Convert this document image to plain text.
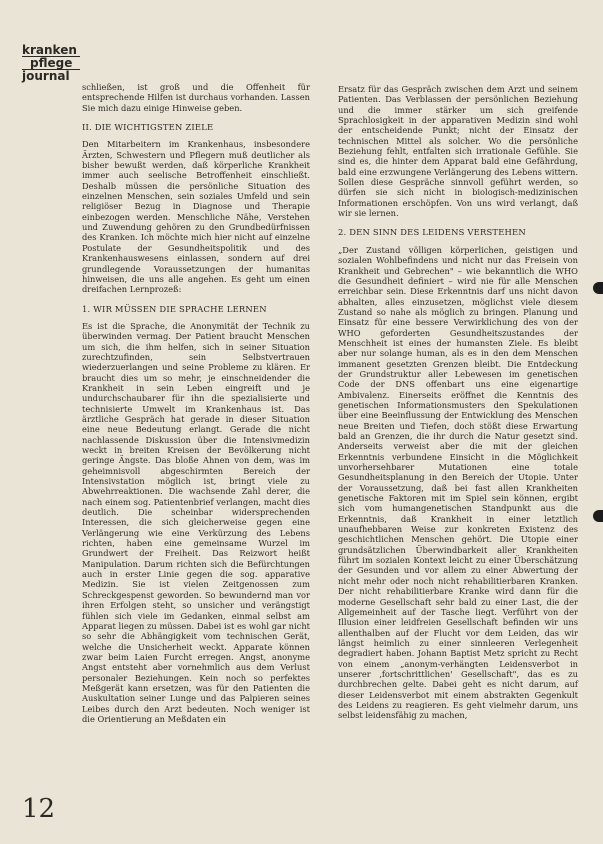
kranken
pflege
journal

schließen, ist groß und die Offenheit für entsprechende Hilfen ist durchaus vorhanden. Lassen Sie mich dazu einige Hinweise geben.

II. DIE WICHTIGSTEN ZIELE

Den Mitarbeitern im Krankenhaus, insbesondere Ärzten, Schwestern und Pflegern muß deutlicher als bisher bewußt werden, daß körperliche Krankheit immer auch seelische Betroffenheit einschließt. Deshalb müssen die persönliche Situation des einzelnen Menschen, sein soziales Umfeld und sein religiöser Bezug in Diagnose und Therapie einbezogen werden. Menschliche Nähe, Verstehen und Zuwendung gehören zu den Grundbedürfnissen des Kranken. Ich möchte mich hier nicht auf einzelne Postulate der Gesundheitspolitik und des Krankenhauswesens einlassen, sondern auf drei grundlegende Voraussetzungen der humanitas hinweisen, die uns alle angehen. Es geht um einen dreifachen Lernprozeß:

1. WIR MÜSSEN DIE SPRACHE LERNEN

Es ist die Sprache, die Anonymität der Technik zu überwinden vermag. Der Patient braucht Menschen um sich, die ihm helfen, sich in seiner Situation zurechtzufinden, sein Selbstvertrauen wiederzuerlangen und seine Probleme zu klären. Er braucht dies um so mehr, je einschneidender die Krankheit in sein Leben eingreift und je undurchschaubarer für ihn die spezialisierte und technisierte Umwelt im Krankenhaus ist. Das ärztliche Gespräch hat gerade in dieser Situation eine neue Bedeutung erlangt. Gerade die nicht nachlassende Diskussion über die Intensivmedizin weckt in breiten Kreisen der Bevölkerung nicht geringe Ängste. Das bloße Ahnen von dem, was im geheimnisvoll abgeschirmten Bereich der Intensivstation möglich ist, bringt viele zu Abwehrreaktionen. Die wachsende Zahl derer, die nach einem sog. Patientenbrief verlangen, macht dies deutlich. Die scheinbar widersprechenden Interessen, die sich gleicherweise gegen eine Verlängerung wie eine Verkürzung des Lebens richten, haben eine gemeinsame Wurzel im Grundwert der Freiheit. Das Reizwort heißt Manipulation. Darum richten sich die Befürchtungen auch in erster Linie gegen die sog. apparative Medizin. Sie ist vielen Zeitgenossen zum Schreckgespenst geworden. So bewundernd man vor ihren Erfolgen steht, so unsicher und verängstigt fühlen sich viele im Gedanken, einmal selbst am Apparat liegen zu müssen. Dabei ist es wohl gar nicht so sehr die Abhängigkeit vom technischen Gerät, welche die Unsicherheit weckt. Apparate können zwar beim Laien Furcht erregen. Angst, anonyme Angst entsteht aber vornehmlich aus dem Verlust personaler Beziehungen. Kein noch so perfektes Meßgerät kann ersetzen, was für den Patienten die Auskultation seiner Lunge und das Palpieren seines Leibes durch den Arzt bedeuten. Noch weniger ist die Orientierung an Meßdaten ein

Ersatz für das Gespräch zwischen dem Arzt und seinem Patienten. Das Verblassen der persönlichen Beziehung und die immer stärker um sich greifende Sprachlosigkeit in der apparativen Medizin sind wohl der entscheidende Punkt; nicht der Einsatz der technischen Mittel als solcher. Wo die persönliche Beziehung fehlt, entfalten sich irrationale Gefühle. Sie sind es, die hinter dem Apparat bald eine Gefährdung, bald eine erzwungene Verlängerung des Lebens wittern. Sollen diese Gespräche sinnvoll geführt werden, so dürfen sie sich nicht in biologisch-medizinischen Informationen erschöpfen. Von uns wird verlangt, daß wir sie lernen.

2. DEN SINN DES LEIDENS VERSTEHEN

„Der Zustand völligen körperlichen, geistigen und sozialen Wohlbefindens und nicht nur das Freisein von Krankheit und Gebrechen" – wie bekanntlich die WHO die Gesundheit definiert – wird nie für alle Menschen erreichbar sein. Diese Erkenntnis darf uns nicht davon abhalten, alles einzusetzen, möglichst viele diesem Zustand so nahe als möglich zu bringen. Planung und Einsatz für eine bessere Verwirklichung des von der WHO geforderten Gesundheitszustandes der Menschheit ist eines der humansten Ziele. Es bleibt aber nur solange human, als es in den dem Menschen immanent gesetzten Grenzen bleibt. Die Entdeckung der Grundstruktur aller Lebewesen im genetischen Code der DNS offenbart uns eine eigenartige Ambivalenz. Einerseits eröffnet die Kenntnis des genetischen Informationsmusters den Spekulationen über eine Beeinflussung der Entwicklung des Menschen neue Breiten und Tiefen, doch stößt diese Erwartung bald an Grenzen, die ihr durch die Natur gesetzt sind. Anderseits verweist aber die mit der gleichen Erkenntnis verbundene Einsicht in die Möglichkeit unvorhersehbarer Mutationen eine totale Gesundheitsplanung in den Bereich der Utopie. Unter der Voraussetzung, daß bei fast allen Krankheiten genetische Faktoren mit im Spiel sein können, ergibt sich vom humangenetischen Standpunkt aus die Erkenntnis, daß Krankheit in einer letztlich unaufhebbaren Weise zur konkreten Existenz des geschichtlichen Menschen gehört. Die Utopie einer grundsätzlichen Überwindbarkeit aller Krankheiten führt im sozialen Kontext leicht zu einer Überschätzung der Gesunden und vor allem zu einer Abwertung der nicht mehr oder noch nicht rehabilitierbaren Kranken. Der nicht rehabilitierbare Kranke wird dann für die moderne Gesellschaft sehr bald zu einer Last, die der Allgemeinheit auf der Tasche liegt. Verführt von der Illusion einer leidfreien Gesellschaft befinden wir uns allenthalben auf der Flucht vor dem Leiden, das wir längst heimlich zu einer sinnleeren Verlegenheit degradiert haben. Johann Baptist Metz spricht zu Recht von einem „anonym-verhängten Leidensverbot in unserer ‚fortschrittlichen' Gesellschaft", das es zu durchbrechen gelte. Dabei geht es nicht darum, auf dieser Leidensverbot mit einem abstrakten Gegenkult des Leidens zu reagieren. Es geht vielmehr darum, uns selbst leidensfähig zu machen,

12
